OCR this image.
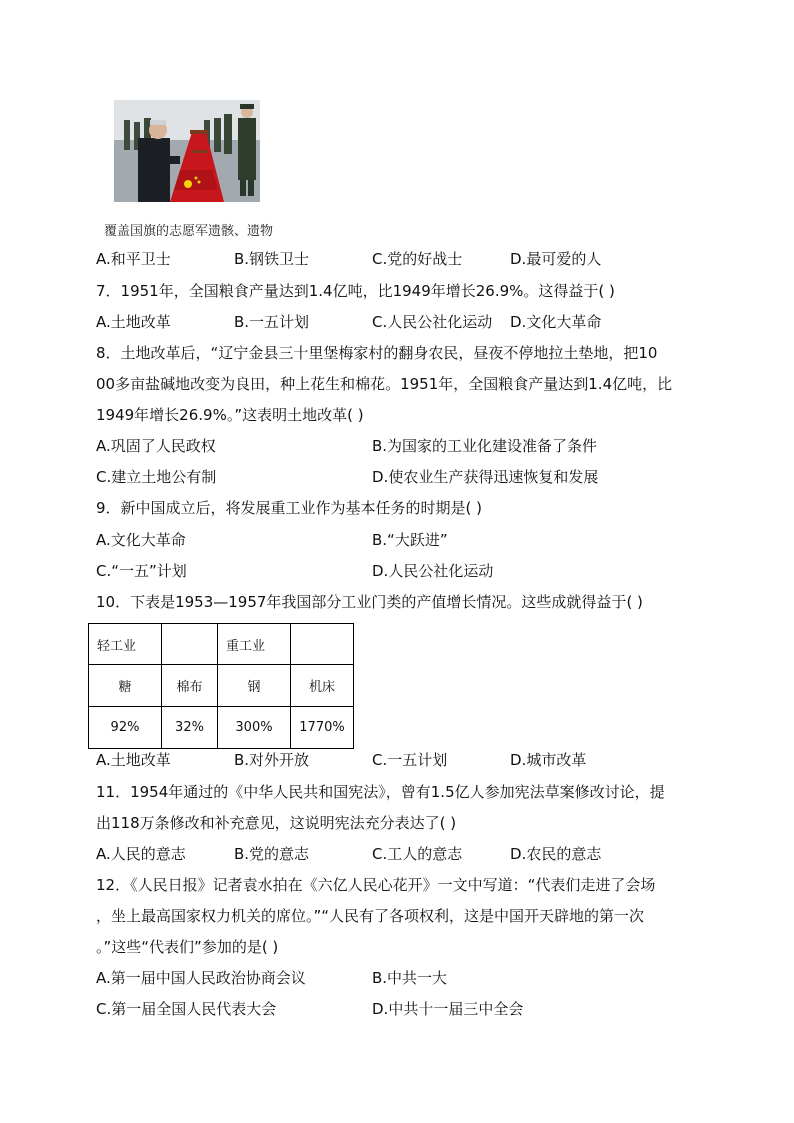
覆盖国旗的志愿军遗骸、遗物
A.和平卫士	B.钢铁卫士	C.党的好战士	D.最可爱的人
7．1951年，全国粮食产量达到1.4亿吨，比1949年增长26.9%。这得益于( )
A.土地改革	B.一五计划	C.人民公社化运动 D.文化大革命
8．土地改革后，“辽宁金县三十里堡梅家村的翻身农民，昼夜不停地拉土垫地，把10
00多亩盐碱地改变为良田，种上花生和棉花。1951年，全国粮食产量达到1.4亿吨，比
1949年增长26.9%。”这表明土地改革( )
A.巩固了人民政权	B.为国家的工业化建设准备了条件
C.建立土地公有制	D.使农业生产获得迅速恢复和发展
9．新中国成立后，将发展重工业作为基本任务的时期是( )
A.文化大革命	B.“大跃进”
C.“一五”计划	D.人民公社化运动
10．下表是1953—1957年我国部分工业门类的产值增长情况。这些成就得益于( )
轻工业		重工业	
糖	棉布	钢	机床
92%	32%	300%	1770%
A.土地改革	B.对外开放	C.一五计划	D.城市改革
11．1954年通过的《中华人民共和国宪法》，曾有1.5亿人参加宪法草案修改讨论，提
出118万条修改和补充意见，这说明宪法充分表达了( )
A.人民的意志	B.党的意志	C.工人的意志	D.农民的意志
12．《人民日报》记者袁水拍在《六亿人民心花开》一文中写道：“代表们走进了会场
，坐上最高国家权力机关的席位。”“人民有了各项权利，这是中国开天辟地的第一次
。”这些“代表们”参加的是( )
A.第一届中国人民政治协商会议	B.中共一大
C.第一届全国人民代表大会	D.中共十一届三中全会
